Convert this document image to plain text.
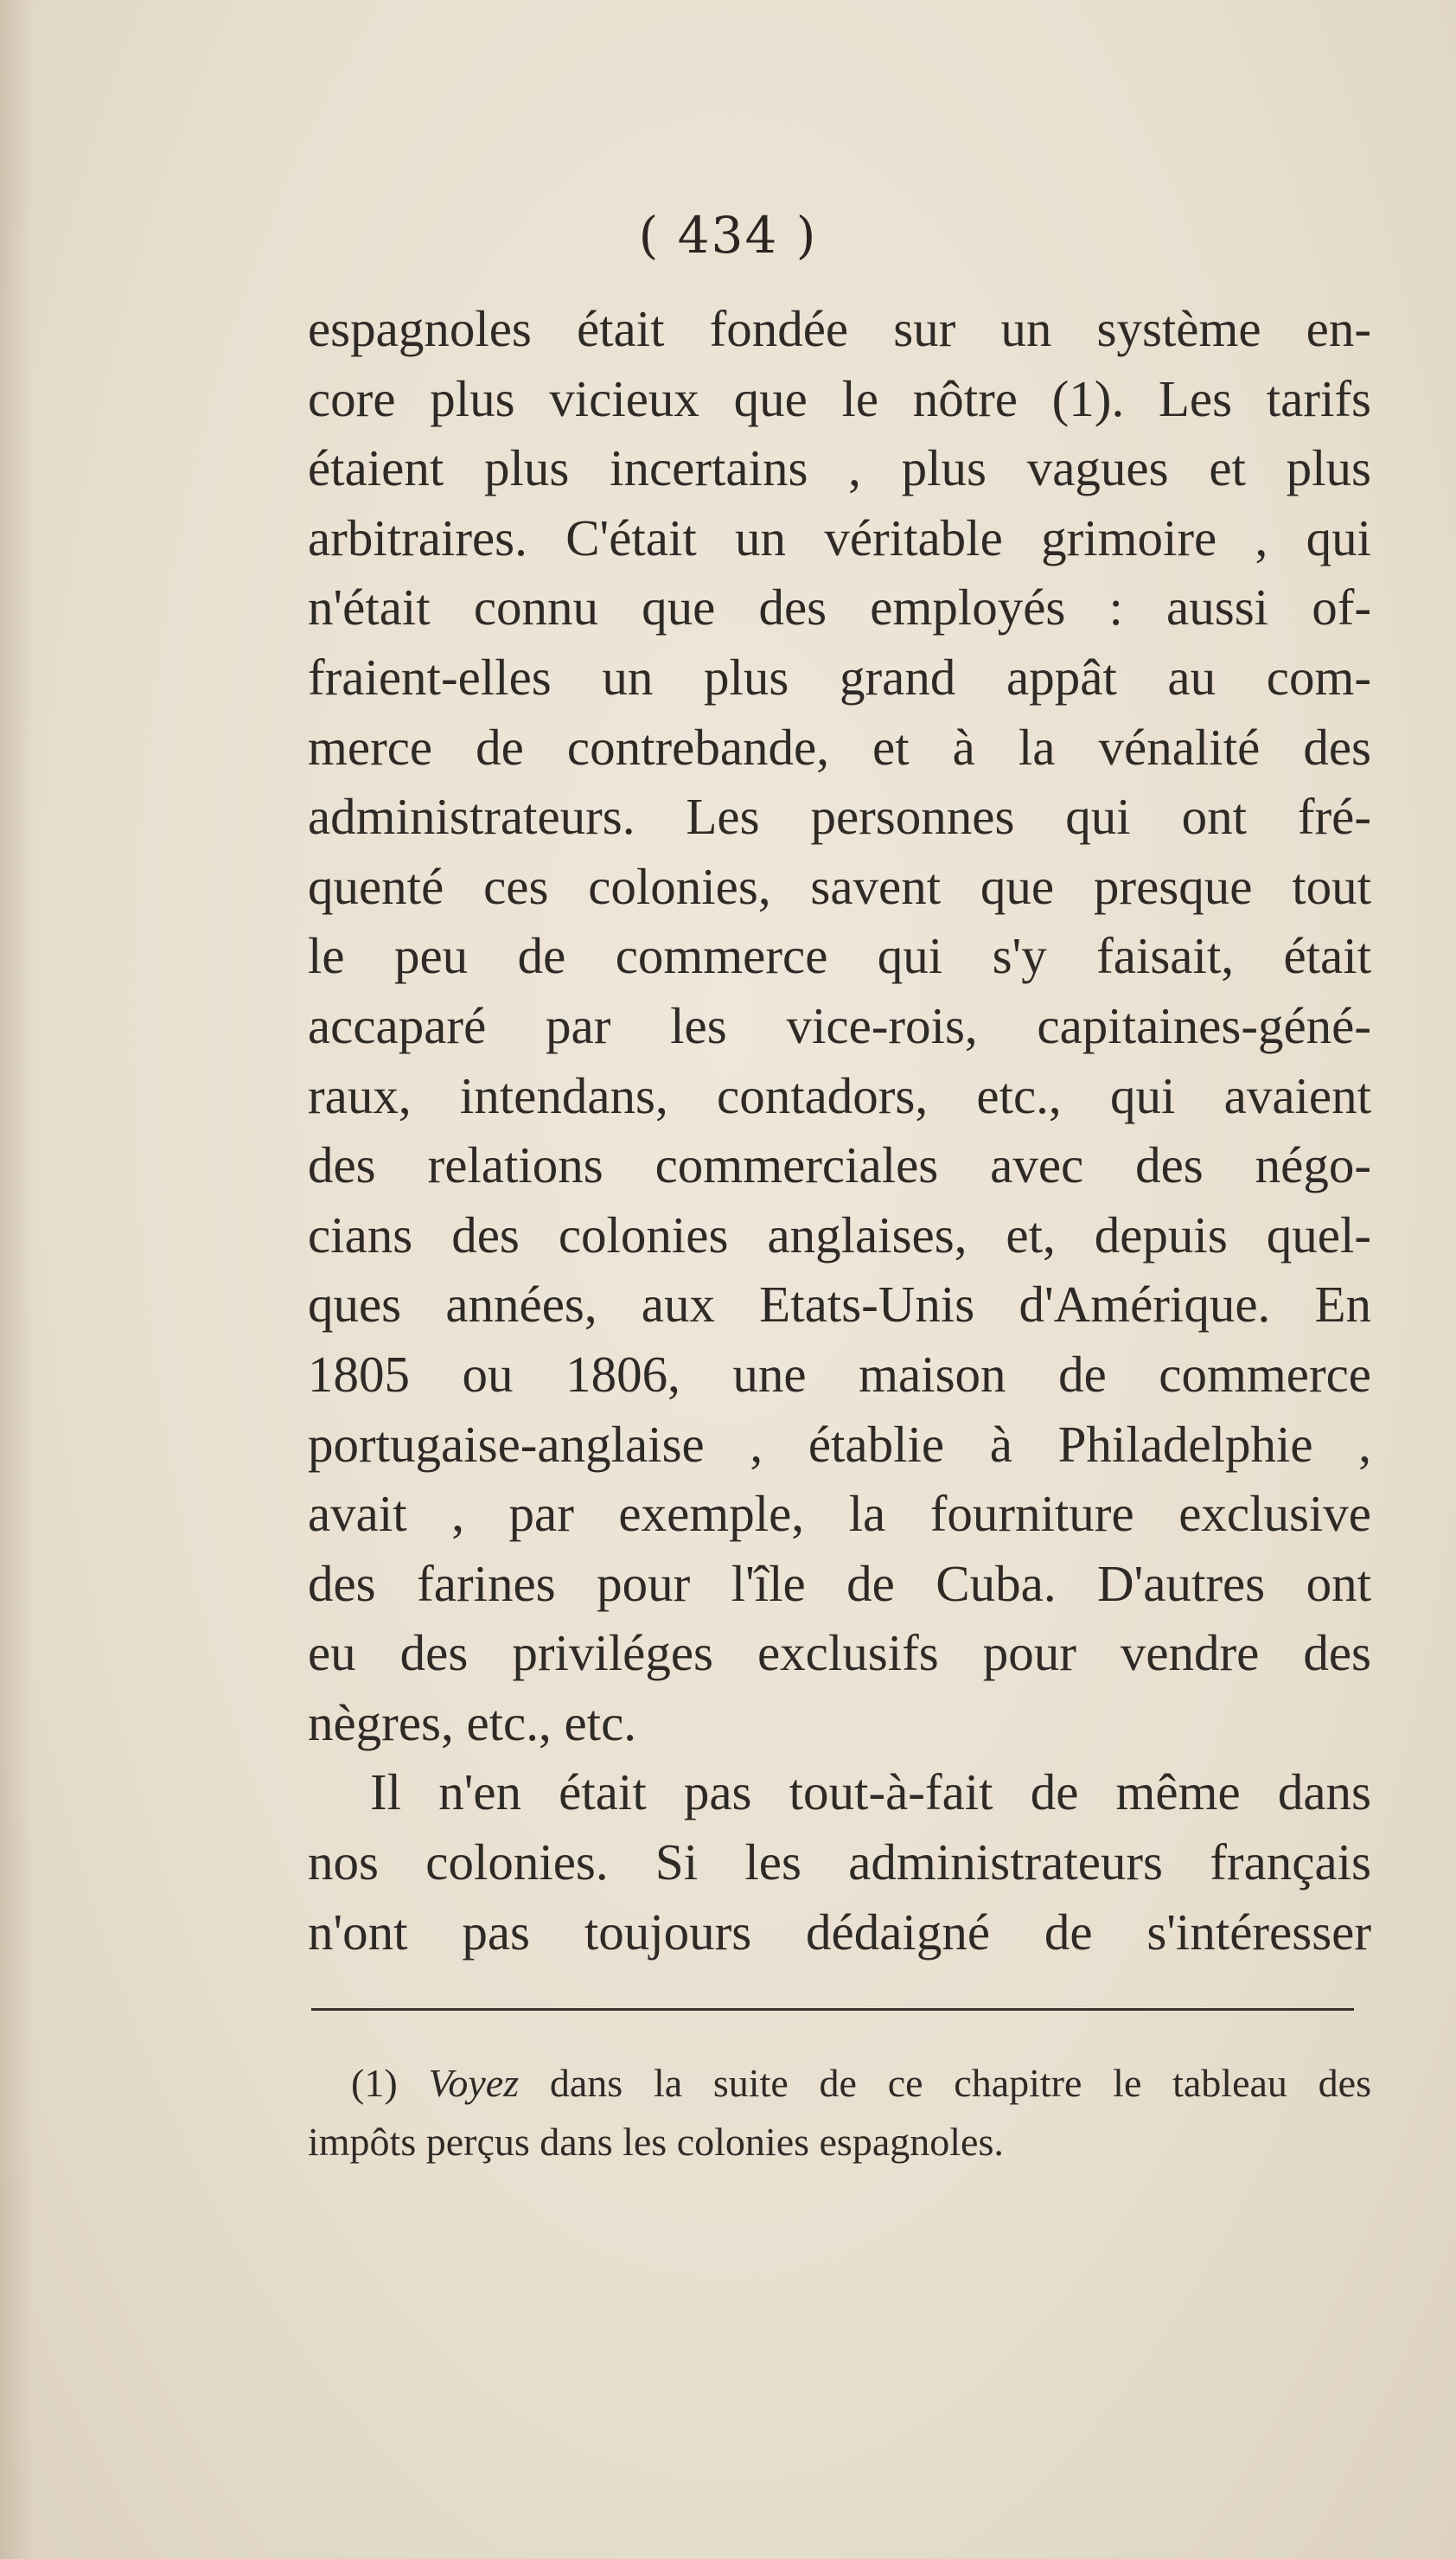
( 434 )
espagnoles était fondée sur un système en-
core plus vicieux que le nôtre (1). Les tarifs
étaient plus incertains , plus vagues et plus
arbitraires. C'était un véritable grimoire , qui
n'était connu que des employés : aussi of-
fraient-elles un plus grand appât au com-
merce de contrebande, et à la vénalité des
administrateurs. Les personnes qui ont fré-
quenté ces colonies, savent que presque tout
le peu de commerce qui s'y faisait, était
accaparé par les vice-rois, capitaines-géné-
raux, intendans, contadors, etc., qui avaient
des relations commerciales avec des négo-
cians des colonies anglaises, et, depuis quel-
ques années, aux Etats-Unis d'Amérique. En
1805 ou 1806, une maison de commerce
portugaise-anglaise , établie à Philadelphie ,
avait , par exemple, la fourniture exclusive
des farines pour l'île de Cuba. D'autres ont
eu des priviléges exclusifs pour vendre des
nègres, etc., etc.
Il n'en était pas tout-à-fait de même dans
nos colonies. Si les administrateurs français
n'ont pas toujours dédaigné de s'intéresser
(1) Voyez dans la suite de ce chapitre le tableau des
impôts perçus dans les colonies espagnoles.
